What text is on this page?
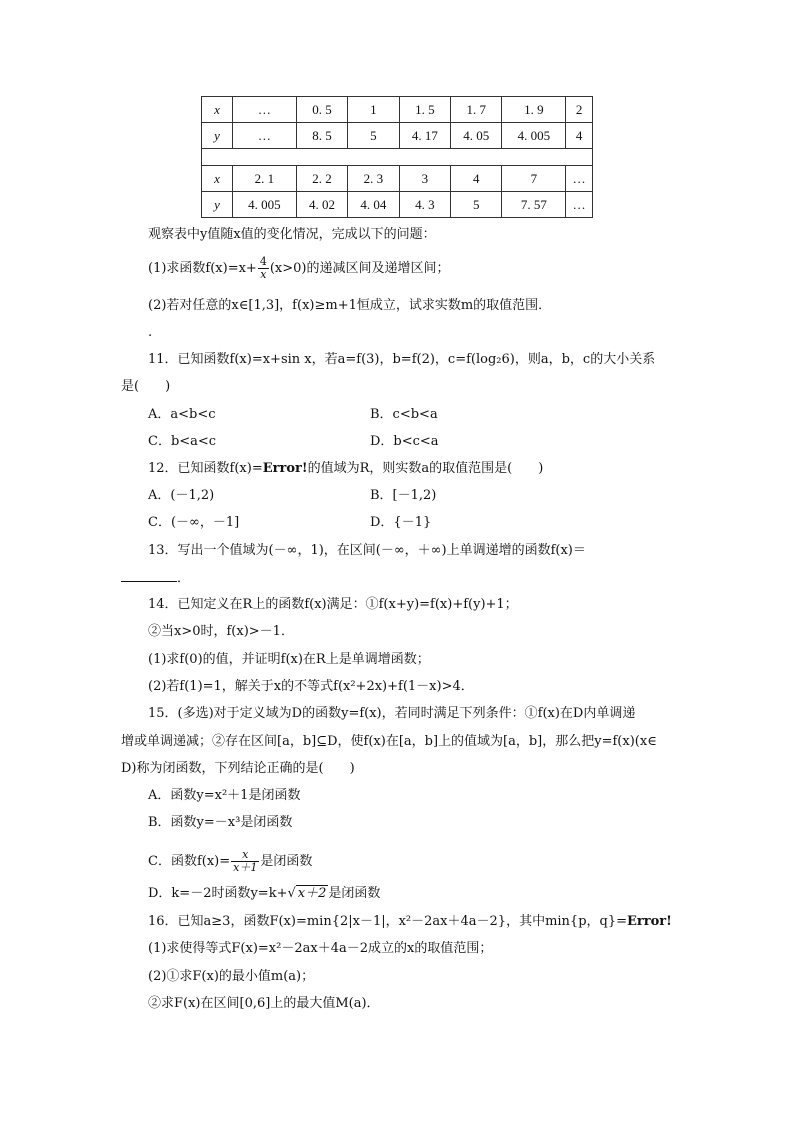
x	…	0. 5	1	1. 5	1. 7	1. 9	2
y	…	8. 5	5	4. 17	4. 05	4. 005	4

x	2. 1	2. 2	2. 3	3	4	7	…
y	4. 005	4. 02	4. 04	4. 3	5	7. 57	…
观察表中y值随x值的变化情况，完成以下的问题：
(1)求函数$f(x)=x+ \frac{4}{x} (x>0)$的递减区间及递增区间；
(2)若对任意的x∈[1,3]，f(x)≥m+1恒成立，试求实数m的取值范围．
.
11．已知函数f(x)=x+sin x，若a=f(3)，b=f(2)，c=f(log₂6)，则a，b，c的大小关系
是(　　)
A．a<b<c	B．c<b<a
C．b<a<c	D．b<c<a
12．已知函数f(x)=Error!的值域为R，则实数a的取值范围是(　　)
A．(－1,2)	B．[－1,2)
C．(－∞，－1]	D．{－1}
13．写出一个值域为(－∞，1)，在区间(－∞，＋∞)上单调递增的函数f(x)＝
．
14．已知定义在R上的函数f(x)满足：①f(x+y)=f(x)+f(y)+1；
②当x>0时，f(x)>－1．
(1)求f(0)的值，并证明f(x)在R上是单调增函数；
(2)若f(1)=1，解关于x的不等式f(x²+2x)+f(1－x)>4．
15．(多选)对于定义域为D的函数y=f(x)，若同时满足下列条件：①f(x)在D内单调递
增或单调递减；②存在区间[a，b]⊆D，使f(x)在[a，b]上的值域为[a，b]，那么把y=f(x)(x∈
D)称为闭函数，下列结论正确的是(　　)
A．函数y=x²＋1是闭函数
B．函数y=－x³是闭函数
C．函数$f(x)= \frac{x}{x+1}$ 是闭函数
D．k=－2时函数y=k+√ x＋2 是闭函数
16．已知a≥3，函数F(x)=min{2|x－1|，x²－2ax＋4a－2}，其中min{p，q}=Error!
(1)求使得等式F(x)=x²－2ax＋4a－2成立的x的取值范围；
(2)①求F(x)的最小值m(a)；
②求F(x)在区间[0,6]上的最大值M(a)．
